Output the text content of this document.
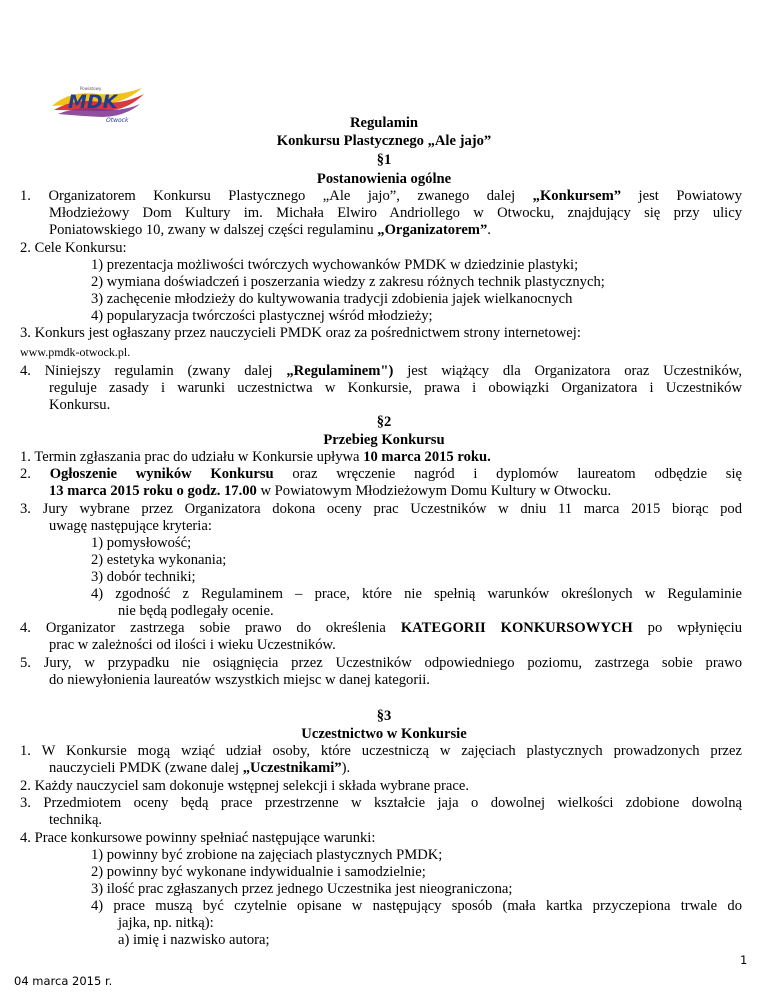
MDK
Otwock
Powiatowy
Regulamin
Konkursu Plastycznego „Ale jajo”
§1
Postanowienia ogólne
1. Organizatorem Konkursu Plastycznego „Ale jajo”, zwanego dalej „Konkursem” jest Powiatowy
Młodzieżowy Dom Kultury im. Michała Elwiro Andriollego w Otwocku, znajdujący się przy ulicy
Poniatowskiego 10, zwany w dalszej części regulaminu „Organizatorem”.
2. Cele Konkursu:
1) prezentacja możliwości twórczych wychowanków PMDK w dziedzinie plastyki;
2) wymiana doświadczeń i poszerzania wiedzy z zakresu różnych technik plastycznych;
3) zachęcenie młodzieży do kultywowania tradycji zdobienia jajek wielkanocnych
4) popularyzacja twórczości plastycznej wśród młodzieży;
3. Konkurs jest ogłaszany przez nauczycieli PMDK oraz za pośrednictwem strony internetowej:
www.pmdk-otwock.pl.
4. Niniejszy regulamin (zwany dalej „Regulaminem") jest wiążący dla Organizatora oraz Uczestników,
reguluje zasady i warunki uczestnictwa w Konkursie, prawa i obowiązki Organizatora i Uczestników
Konkursu.
§2
Przebieg Konkursu
1. Termin zgłaszania prac do udziału w Konkursie upływa 10 marca 2015 roku.
2. Ogłoszenie wyników Konkursu oraz wręczenie nagród i dyplomów laureatom odbędzie się
13 marca 2015 roku o godz. 17.00 w Powiatowym Młodzieżowym Domu Kultury w Otwocku.
3. Jury wybrane przez Organizatora dokona oceny prac Uczestników w dniu 11 marca 2015 biorąc pod
uwagę następujące kryteria:
1) pomysłowość;
2) estetyka wykonania;
3) dobór techniki;
4) zgodność z Regulaminem – prace, które nie spełnią warunków określonych w Regulaminie
nie będą podlegały ocenie.
4. Organizator zastrzega sobie prawo do określenia KATEGORII KONKURSOWYCH po wpłynięciu
prac w zależności od ilości i wieku Uczestników.
5. Jury, w przypadku nie osiągnięcia przez Uczestników odpowiedniego poziomu, zastrzega sobie prawo
do niewyłonienia laureatów wszystkich miejsc w danej kategorii.
§3
Uczestnictwo w Konkursie
1. W Konkursie mogą wziąć udział osoby, które uczestniczą w zajęciach plastycznych prowadzonych przez
nauczycieli PMDK (zwane dalej „Uczestnikami”).
2. Każdy nauczyciel sam dokonuje wstępnej selekcji i składa wybrane prace.
3. Przedmiotem oceny będą prace przestrzenne w kształcie jaja o dowolnej wielkości zdobione dowolną
techniką.
4. Prace konkursowe powinny spełniać następujące warunki:
1) powinny być zrobione na zajęciach plastycznych PMDK;
2) powinny być wykonane indywidualnie i samodzielnie;
3) ilość prac zgłaszanych przez jednego Uczestnika jest nieograniczona;
4) prace muszą być czytelnie opisane w następujący sposób (mała kartka przyczepiona trwale do
jajka, np. nitką):
a) imię i nazwisko autora;
1
04 marca 2015 r.
